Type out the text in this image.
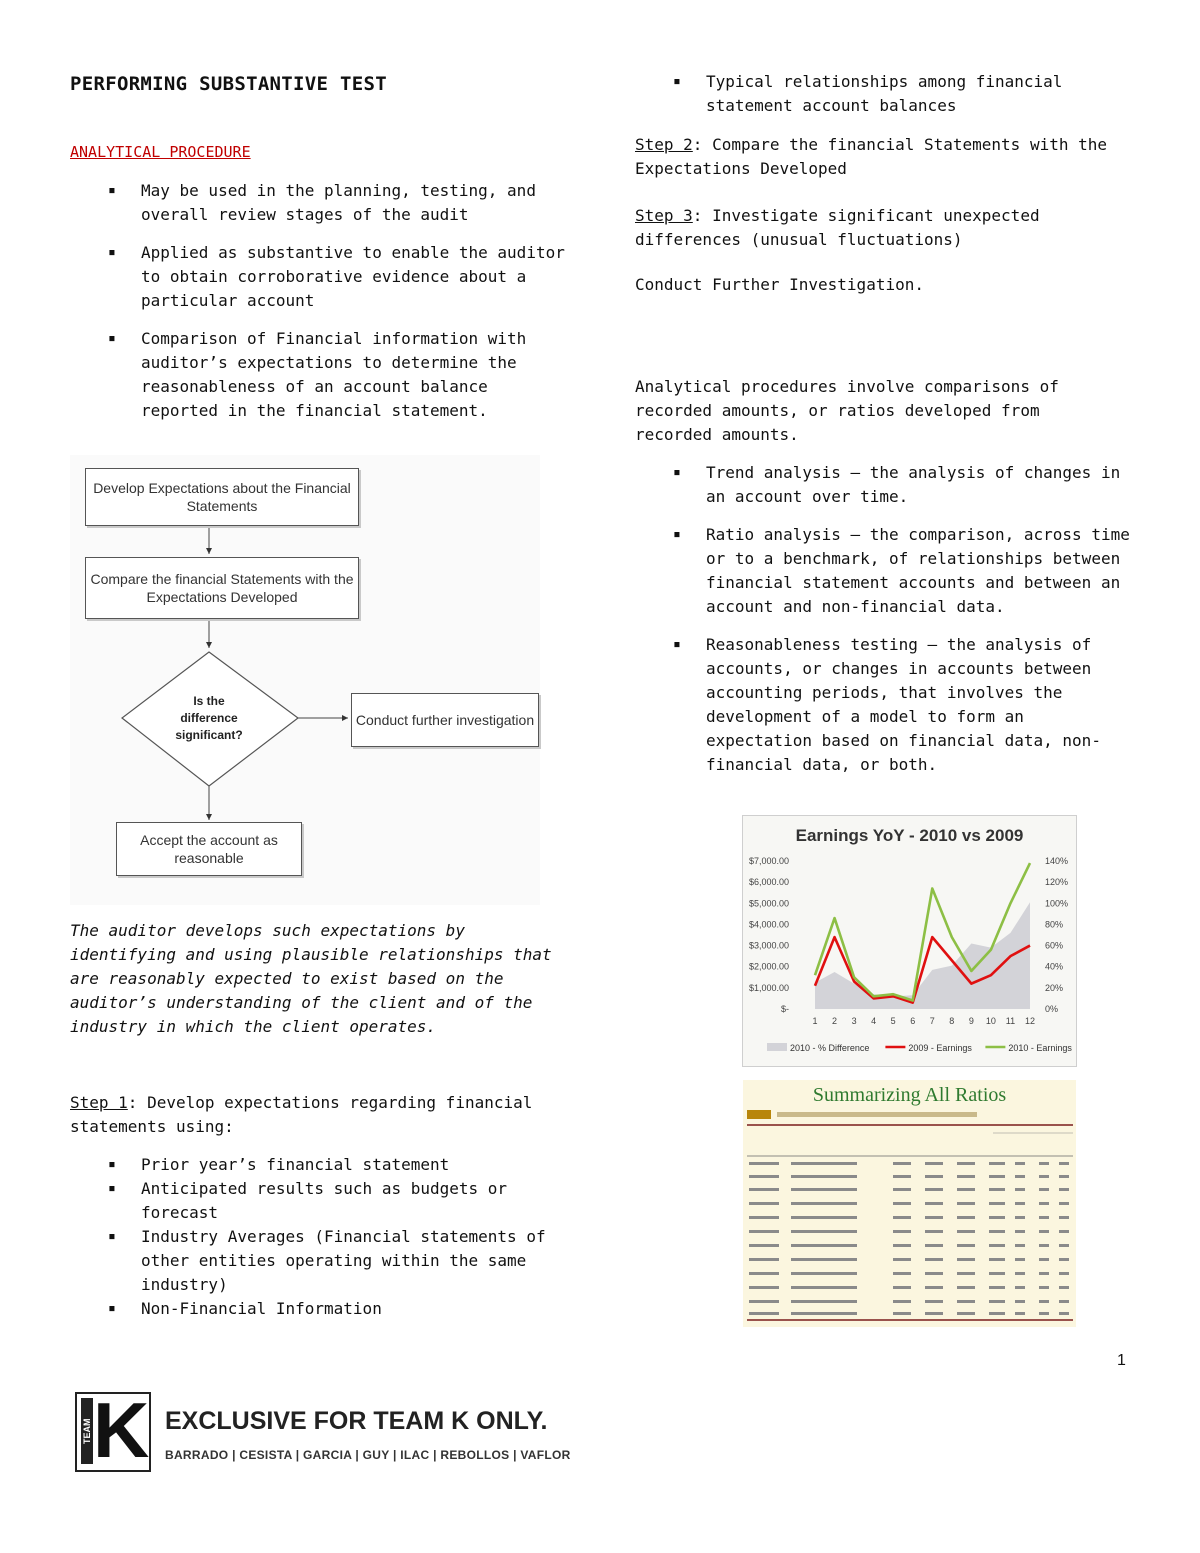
PERFORMING SUBSTANTIVE TEST
ANALYTICAL PROCEDURE
▪ May be used in the planning, testing, and overall review stages of the audit
▪ Applied as substantive to enable the auditor to obtain corroborative evidence about a particular account
▪ Comparison of Financial information with auditor’s expectations to determine the reasonableness of an account balance reported in the financial statement.
Develop Expectations about the Financial Statements
Compare the financial Statements with the Expectations Developed
Is the difference significant?
Conduct further investigation
Accept the account as reasonable
The auditor develops such expectations by identifying and using plausible relationships that are reasonably expected to exist based on the auditor’s understanding of the client and of the industry in which the client operates.
Step 1: Develop expectations regarding financial statements using:
▪ Prior year’s financial statement
▪ Anticipated results such as budgets or forecast
▪ Industry Averages (Financial statements of other entities operating within the same industry)
▪ Non-Financial Information
▪ Typical relationships among financial statement account balances
Step 2: Compare the financial Statements with the Expectations Developed
Step 3: Investigate significant unexpected differences (unusual fluctuations)
Conduct Further Investigation.
Analytical procedures involve comparisons of recorded amounts, or ratios developed from recorded amounts.
▪ Trend analysis – the analysis of changes in an account over time.
▪ Ratio analysis – the comparison, across time or to a benchmark, of relationships between financial statement accounts and between an account and non-financial data.
▪ Reasonableness testing – the analysis of accounts, or changes in accounts between accounting periods, that involves the development of a model to form an expectation based on financial data, non-financial data, or both.
Earnings YoY - 2010 vs 2009
$7,000.00
$6,000.00
$5,000.00
$4,000.00
$3,000.00
$2,000.00
$1,000.00
$-
140%
120%
100%
80%
60%
40%
20%
0%
1 2 3 4 5 6 7 8 9 10 11 12
2010 - % Difference	2009 - Earnings	2010 - Earnings
Summarizing All Ratios
1
TEAM K EXCLUSIVE FOR TEAM K ONLY.
BARRADO | CESISTA | GARCIA | GUY | ILAC | REBOLLOS | VAFLOR
